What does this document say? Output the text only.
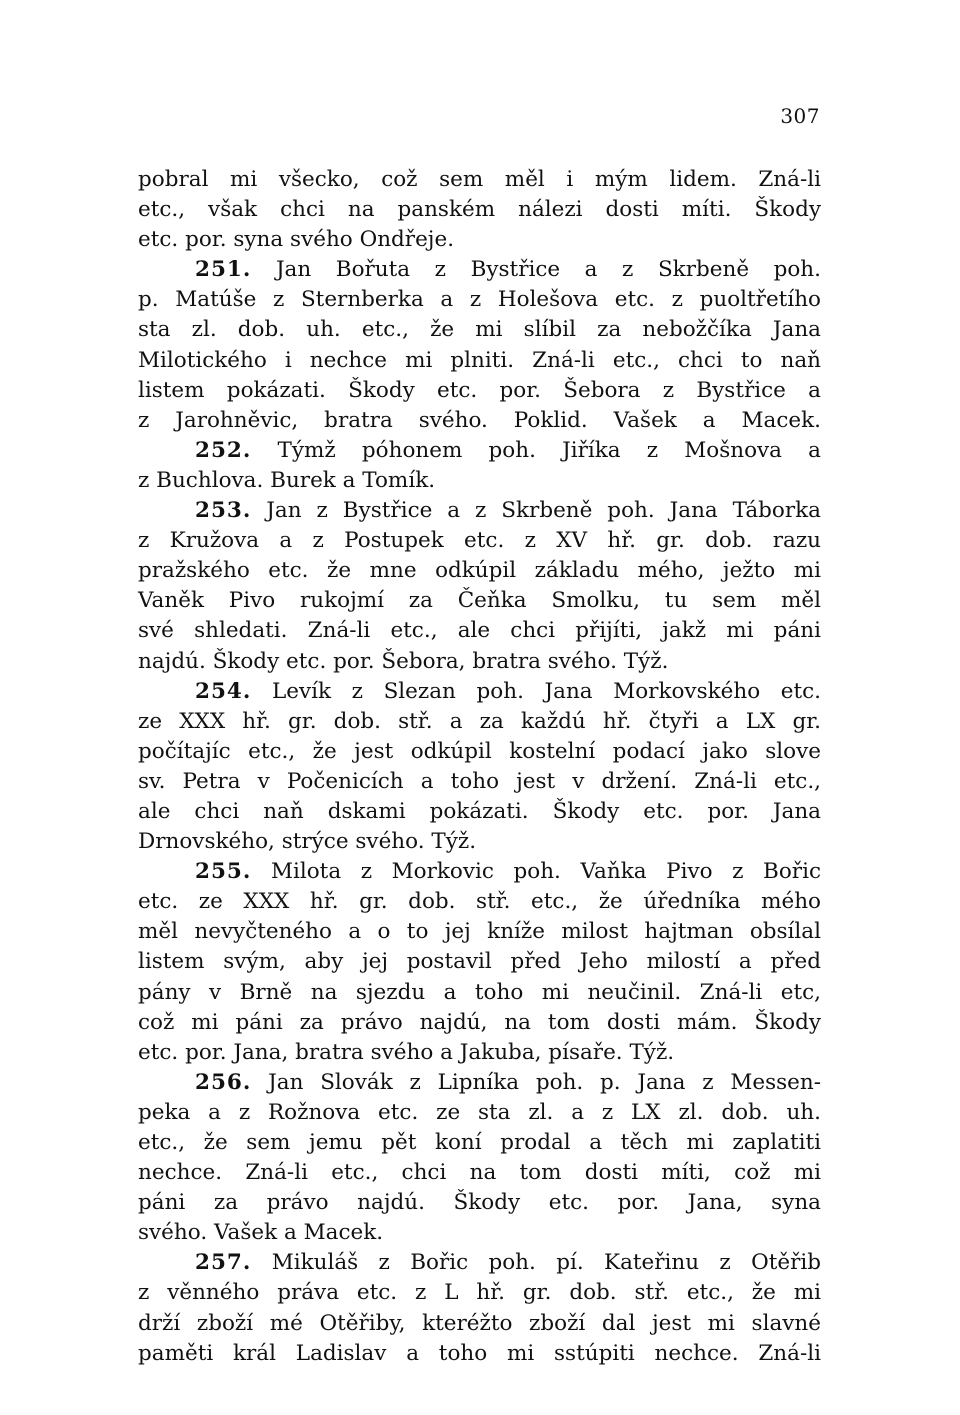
307
pobral mi všecko, což sem měl i mým lidem. Zná-li
etc., však chci na panském nálezi dosti míti. Škody
etc. por. syna svého Ondřeje.
251. Jan Bořuta z Bystřice a z Skrbeně poh.
p. Matúše z Sternberka a z Holešova etc. z puoltřetího
sta zl. dob. uh. etc., že mi slíbil za nebožčíka Jana
Milotického i nechce mi plniti. Zná-li etc., chci to naň
listem pokázati. Škody etc. por. Šebora z Bystřice a
z Jarohněvic, bratra svého. Poklid. Vašek a Macek.
252. Týmž póhonem poh. Jiříka z Mošnova a
z Buchlova. Burek a Tomík.
253. Jan z Bystřice a z Skrbeně poh. Jana Táborka
z Kružova a z Postupek etc. z XV hř. gr. dob. razu
pražského etc. že mne odkúpil základu mého, ježto mi
Vaněk Pivo rukojmí za Čeňka Smolku, tu sem měl
své shledati. Zná-li etc., ale chci přijíti, jakž mi páni
najdú. Škody etc. por. Šebora, bratra svého. Týž.
254. Levík z Slezan poh. Jana Morkovského etc.
ze XXX hř. gr. dob. stř. a za každú hř. čtyři a LX gr.
počítajíc etc., že jest odkúpil kostelní podací jako slove
sv. Petra v Počenicích a toho jest v držení. Zná-li etc.,
ale chci naň dskami pokázati. Škody etc. por. Jana
Drnovského, strýce svého. Týž.
255. Milota z Morkovic poh. Vaňka Pivo z Bořic
etc. ze XXX hř. gr. dob. stř. etc., že úředníka mého
měl nevyčteného a o to jej kníže milost hajtman obsílal
listem svým, aby jej postavil před Jeho milostí a před
pány v Brně na sjezdu a toho mi neučinil. Zná-li etc,
což mi páni za právo najdú, na tom dosti mám. Škody
etc. por. Jana, bratra svého a Jakuba, písaře. Týž.
256. Jan Slovák z Lipníka poh. p. Jana z Messen-
peka a z Rožnova etc. ze sta zl. a z LX zl. dob. uh.
etc., že sem jemu pět koní prodal a těch mi zaplatiti
nechce. Zná-li etc., chci na tom dosti míti, což mi
páni za právo najdú. Škody etc. por. Jana, syna
svého. Vašek a Macek.
257. Mikuláš z Bořic poh. pí. Kateřinu z Otěřib
z věnného práva etc. z L hř. gr. dob. stř. etc., že mi
drží zboží mé Otěřiby, kteréžto zboží dal jest mi slavné
paměti král Ladislav a toho mi sstúpiti nechce. Zná-li
